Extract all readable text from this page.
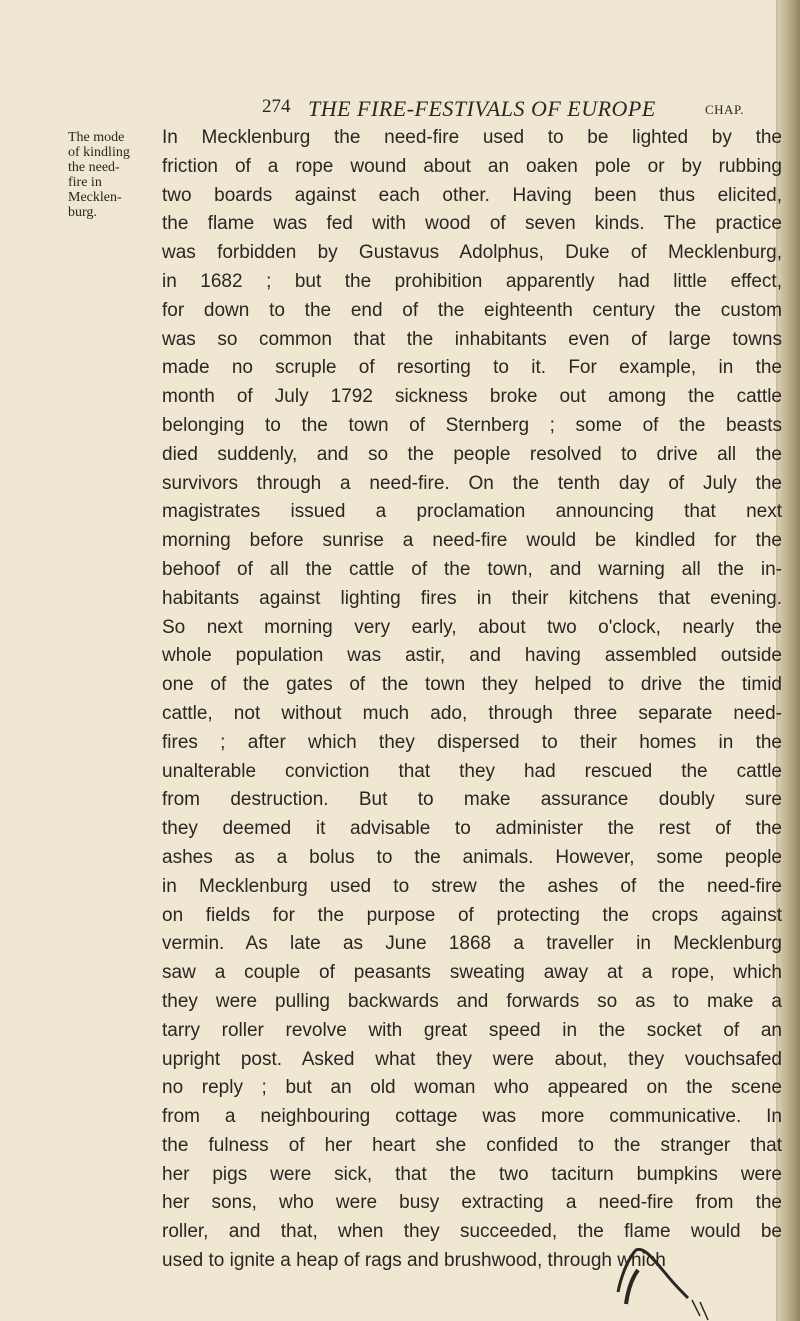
274 THE FIRE-FESTIVALS OF EUROPE	CHAP.
The mode
of kindling
the need-
fire in
Mecklen-
burg.
In Mecklenburg the need-fire used to be lighted by the
friction of a rope wound about an oaken pole or by rubbing
two boards against each other. Having been thus elicited,
the flame was fed with wood of seven kinds. The practice
was forbidden by Gustavus Adolphus, Duke of Mecklenburg,
in 1682 ; but the prohibition apparently had little effect,
for down to the end of the eighteenth century the custom
was so common that the inhabitants even of large towns
made no scruple of resorting to it. For example, in the
month of July 1792 sickness broke out among the cattle
belonging to the town of Sternberg ; some of the beasts
died suddenly, and so the people resolved to drive all the
survivors through a need-fire. On the tenth day of July the
magistrates issued a proclamation announcing that next
morning before sunrise a need-fire would be kindled for the
behoof of all the cattle of the town, and warning all the in-
habitants against lighting fires in their kitchens that evening.
So next morning very early, about two o'clock, nearly the
whole population was astir, and having assembled outside
one of the gates of the town they helped to drive the timid
cattle, not without much ado, through three separate need-
fires ; after which they dispersed to their homes in the
unalterable conviction that they had rescued the cattle
from destruction. But to make assurance doubly sure
they deemed it advisable to administer the rest of the
ashes as a bolus to the animals. However, some people
in Mecklenburg used to strew the ashes of the need-fire
on fields for the purpose of protecting the crops against
vermin. As late as June 1868 a traveller in Mecklenburg
saw a couple of peasants sweating away at a rope, which
they were pulling backwards and forwards so as to make a
tarry roller revolve with great speed in the socket of an
upright post. Asked what they were about, they vouchsafed
no reply ; but an old woman who appeared on the scene
from a neighbouring cottage was more communicative. In
the fulness of her heart she confided to the stranger that
her pigs were sick, that the two taciturn bumpkins were
her sons, who were busy extracting a need-fire from the
roller, and that, when they succeeded, the flame would be
used to ignite a heap of rags and brushwood, through which
